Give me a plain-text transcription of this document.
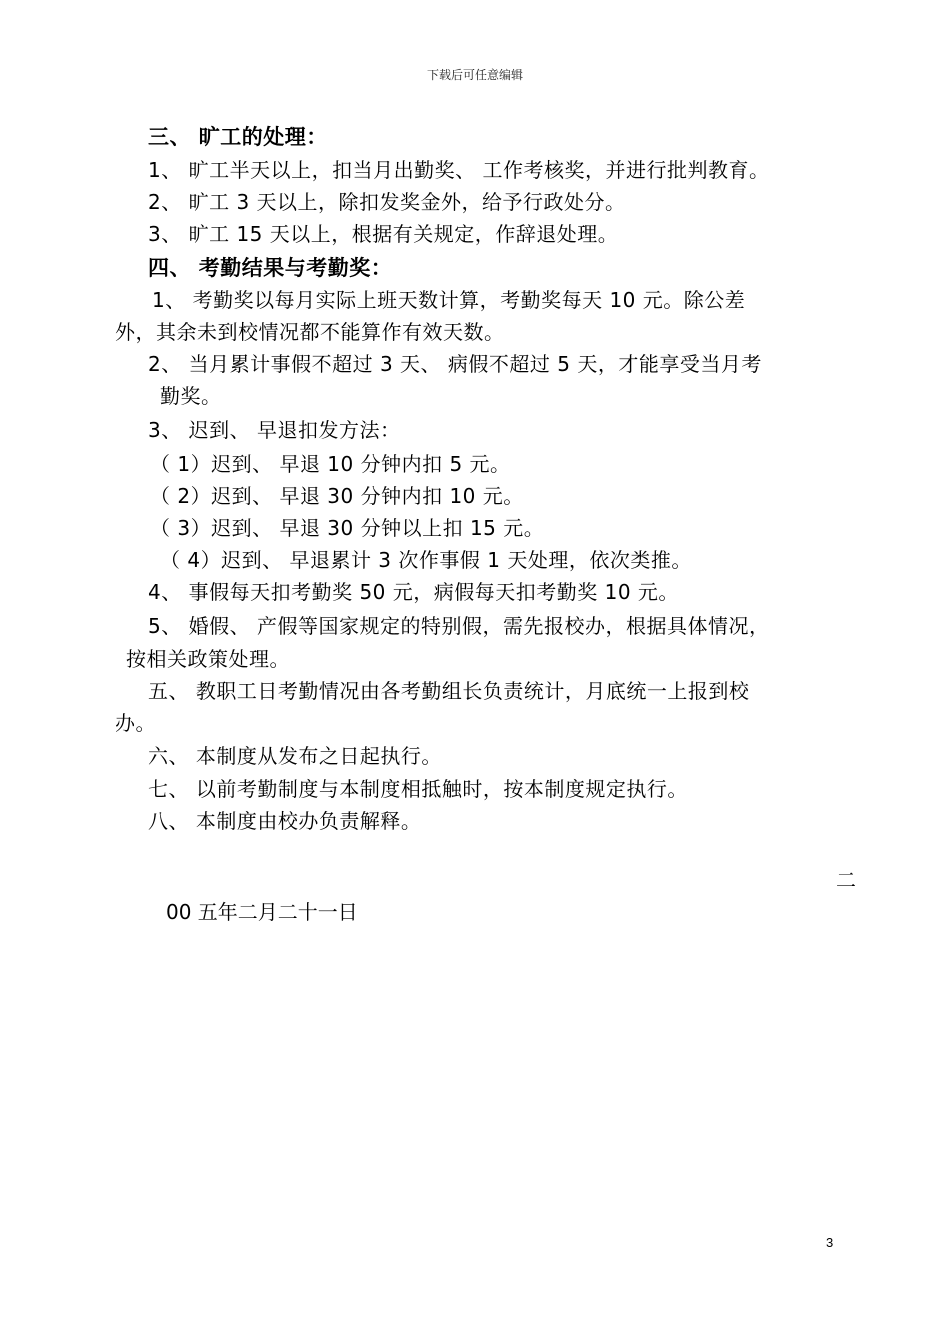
下载后可任意编辑
三、 旷工的处理：
1、 旷工半天以上，扣当月出勤奖、 工作考核奖，并进行批判教育。
2、 旷工 3 天以上，除扣发奖金外，给予行政处分。
3、 旷工 15 天以上，根据有关规定，作辞退处理。
四、 考勤结果与考勤奖：
1、 考勤奖以每月实际上班天数计算，考勤奖每天 10 元。除公差
外，其余未到校情况都不能算作有效天数。
2、 当月累计事假不超过 3 天、 病假不超过 5 天，才能享受当月考
勤奖。
3、 迟到、 早退扣发方法：
（ 1）迟到、 早退 10 分钟内扣 5 元。
（ 2）迟到、 早退 30 分钟内扣 10 元。
（ 3）迟到、 早退 30 分钟以上扣 15 元。
（ 4）迟到、 早退累计 3 次作事假 1 天处理，依次类推。
4、 事假每天扣考勤奖 50 元，病假每天扣考勤奖 10 元。
5、 婚假、 产假等国家规定的特别假，需先报校办，根据具体情况，
按相关政策处理。
五、 教职工日考勤情况由各考勤组长负责统计，月底统一上报到校
办。
六、 本制度从发布之日起执行。
七、 以前考勤制度与本制度相抵触时，按本制度规定执行。
八、 本制度由校办负责解释。
二
00 五年二月二十一日
3
